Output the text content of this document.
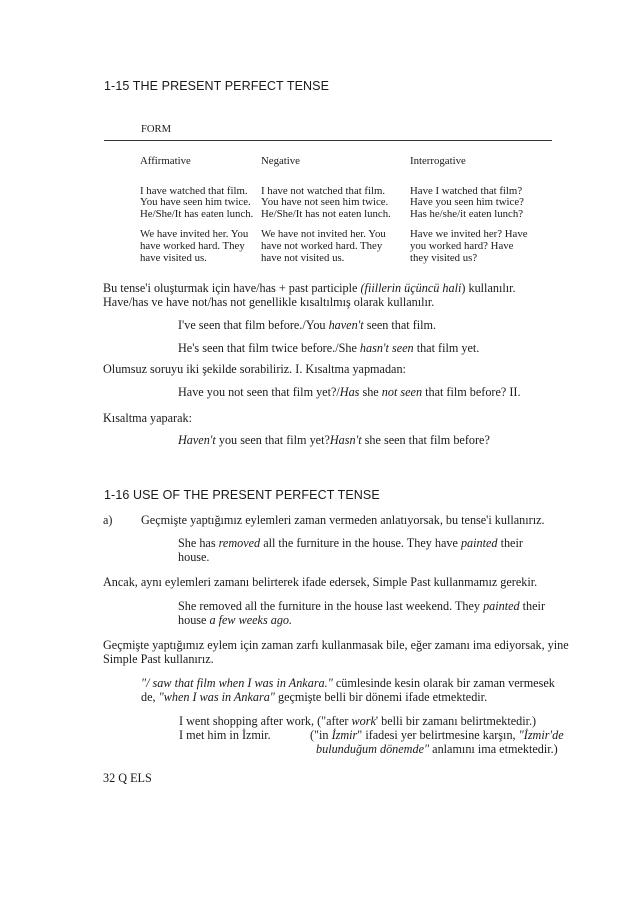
1-15 THE PRESENT PERFECT TENSE
FORM
Affirmative
I have watched that film.
You have seen him twice.
He/She/It has eaten lunch.
We have invited her. You
have worked hard. They
have visited us.
Negative
I have not watched that film.
You have not seen him twice.
He/She/It has not eaten lunch.
We have not invited her. You
have not worked hard. They
have not visited us.
Interrogative
Have I watched that film?
Have you seen him twice?
Has he/she/it eaten lunch?
Have we invited her? Have
you worked hard? Have
they visited us?
Bu tense'i oluşturmak için have/has + past participle (fiillerin üçüncü hali) kullanılır.
Have/has ve have not/has not genellikle kısaltılmış olarak kullanılır.
I've seen that film before./You haven't seen that film.
He's seen that film twice before./She hasn't seen that film yet.
Olumsuz soruyu iki şekilde sorabiliriz. I. Kısaltma yapmadan:
Have you not seen that film yet?/Has she not seen that film before? II.
Kısaltma yaparak:
Haven't you seen that film yet?Hasn't she seen that film before?
1-16 USE OF THE PRESENT PERFECT TENSE
a) Geçmişte yaptığımız eylemleri zaman vermeden anlatıyorsak, bu tense'i kullanırız.
She has removed all the furniture in the house. They have painted their
house.
Ancak, aynı eylemleri zamanı belirterek ifade edersek, Simple Past kullanmamız gerekir.
She removed all the furniture in the house last weekend. They painted their
house a few weeks ago.
Geçmişte yaptığımız eylem için zaman zarfı kullanmasak bile, eğer zamanı ima ediyorsak, yine
Simple Past kullanırız.
"/ saw that film when I was in Ankara." cümlesinde kesin olarak bir zaman vermesek
de, "when I was in Ankara" geçmişte belli bir dönemi ifade etmektedir.
I went shopping after work, ("after work' belli bir zamanı belirtmektedir.)
I met him in İzmir.	("in İzmir" ifadesi yer belirtmesine karşın, "İzmir'de
bulunduğum dönemde" anlamını ima etmektedir.)
32 Q ELS
